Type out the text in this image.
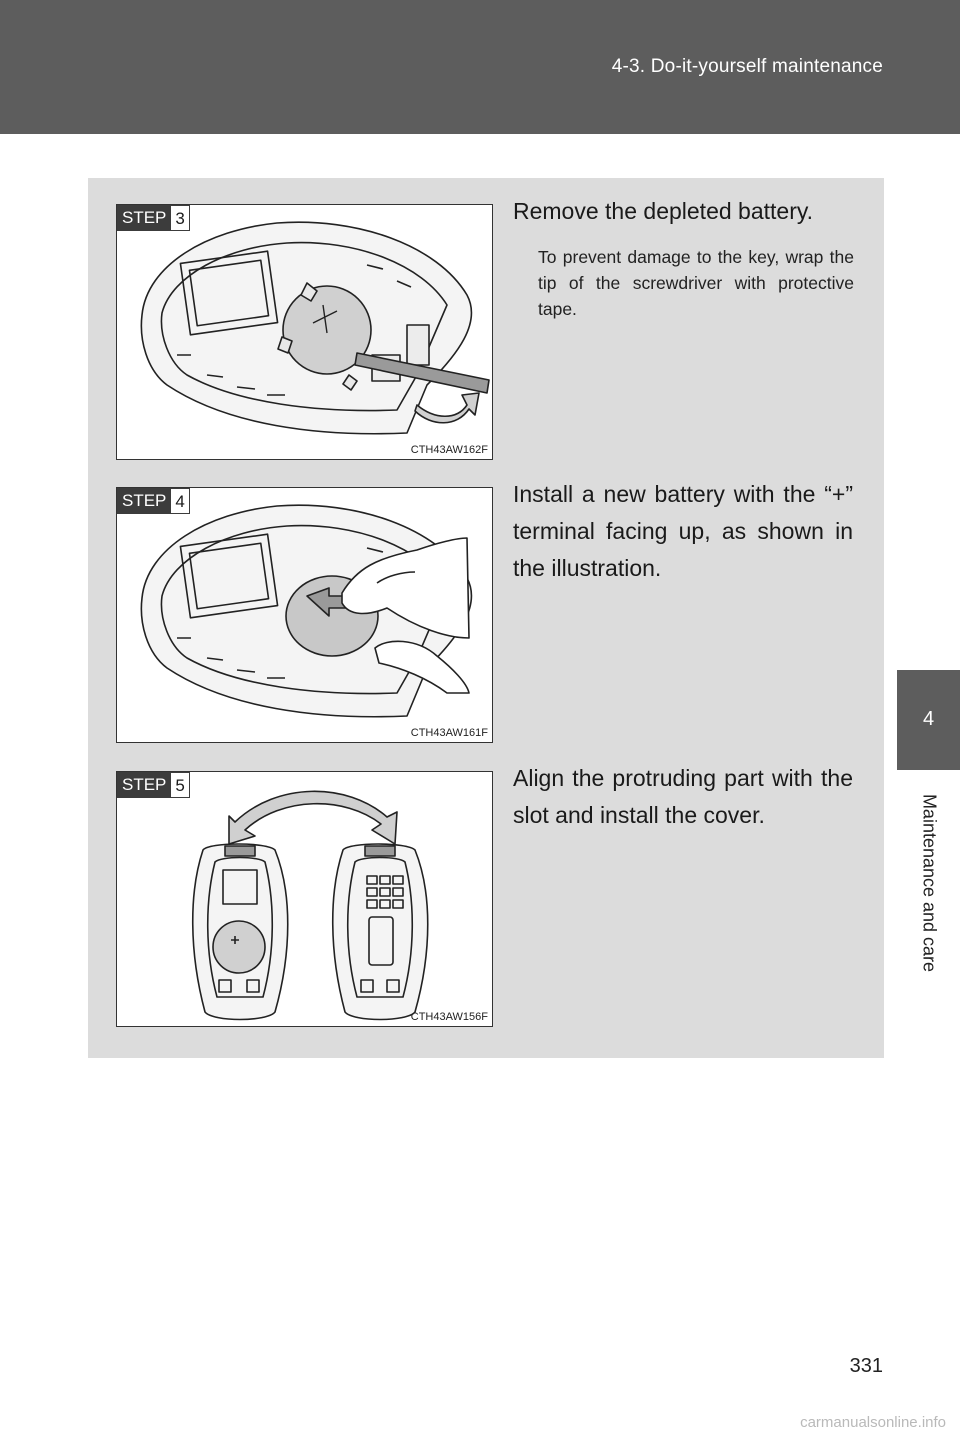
4-3. Do-it-yourself maintenance
4
Maintenance and care
STEP 3
CTH43AW162F
Remove the depleted battery.
To prevent damage to the key, wrap the tip of the screwdriver with protective tape.
STEP 4
CTH43AW161F
Install a new battery with the “+” terminal facing up, as shown in the illustration.
STEP 5
CTH43AW156F
Align the protruding part with the slot and install the cover.
331
carmanualsonline.info
